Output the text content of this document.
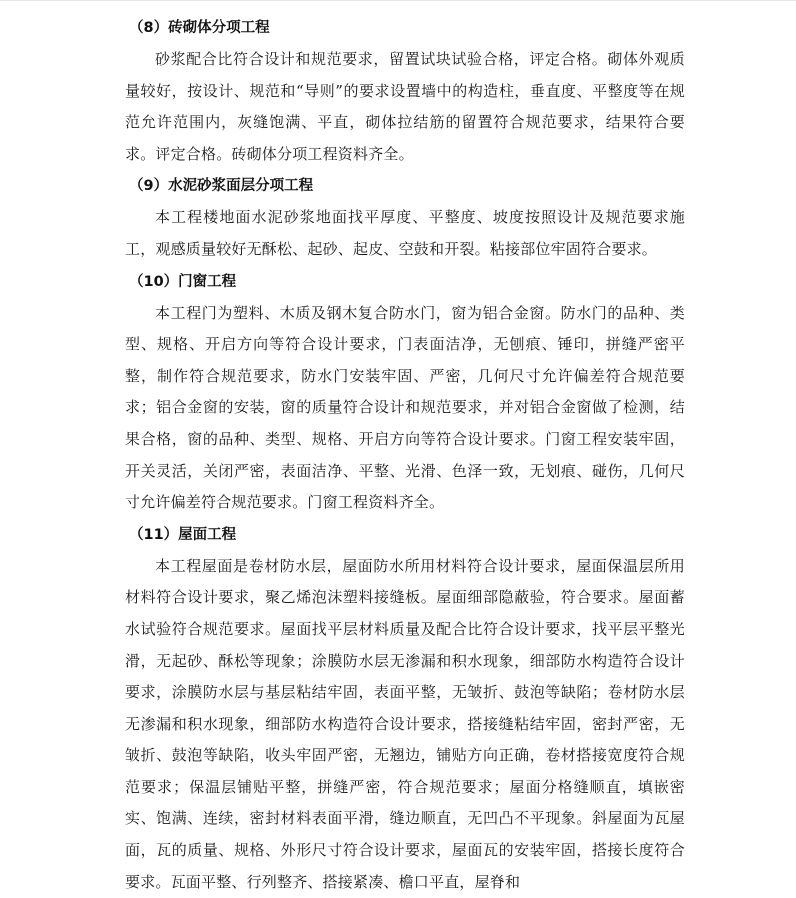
（8）砖砌体分项工程

砂浆配合比符合设计和规范要求，留置试块试验合格，评定合格。砌体外观质量较好，按设计、规范和“导则”的要求设置墙中的构造柱，垂直度、平整度等在规范允许范围内，灰缝饱满、平直，砌体拉结筋的留置符合规范要求，结果符合要求。评定合格。砖砌体分项工程资料齐全。

（9）水泥砂浆面层分项工程

本工程楼地面水泥砂浆地面找平厚度、平整度、坡度按照设计及规范要求施工，观感质量较好无酥松、起砂、起皮、空鼓和开裂。粘接部位牢固符合要求。

（10）门窗工程

本工程门为塑料、木质及钢木复合防水门，窗为铝合金窗。防水门的品种、类型、规格、开启方向等符合设计要求，门表面洁净，无刨痕、锤印，拼缝严密平整，制作符合规范要求，防水门安装牢固、严密，几何尺寸允许偏差符合规范要求；铝合金窗的安装，窗的质量符合设计和规范要求，并对铝合金窗做了检测，结果合格，窗的品种、类型、规格、开启方向等符合设计要求。门窗工程安装牢固，开关灵活，关闭严密，表面洁净、平整、光滑、色泽一致，无划痕、碰伤，几何尺寸允许偏差符合规范要求。门窗工程资料齐全。

（11）屋面工程

本工程屋面是卷材防水层，屋面防水所用材料符合设计要求，屋面保温层所用材料符合设计要求，聚乙烯泡沫塑料接缝板。屋面细部隐蔽验，符合要求。屋面蓄水试验符合规范要求。屋面找平层材料质量及配合比符合设计要求，找平层平整光滑，无起砂、酥松等现象；涂膜防水层无渗漏和积水现象，细部防水构造符合设计要求，涂膜防水层与基层粘结牢固，表面平整，无皱折、鼓泡等缺陷；卷材防水层无渗漏和积水现象，细部防水构造符合设计要求，搭接缝粘结牢固，密封严密，无皱折、鼓泡等缺陷，收头牢固严密，无翘边，铺贴方向正确，卷材搭接宽度符合规范要求；保温层铺贴平整，拼缝严密，符合规范要求；屋面分格缝顺直，填嵌密实、饱满、连续，密封材料表面平滑，缝边顺直，无凹凸不平现象。斜屋面为瓦屋面，瓦的质量、规格、外形尺寸符合设计要求，屋面瓦的安装牢固，搭接长度符合要求。瓦面平整、行列整齐、搭接紧凑、檐口平直，屋脊和
